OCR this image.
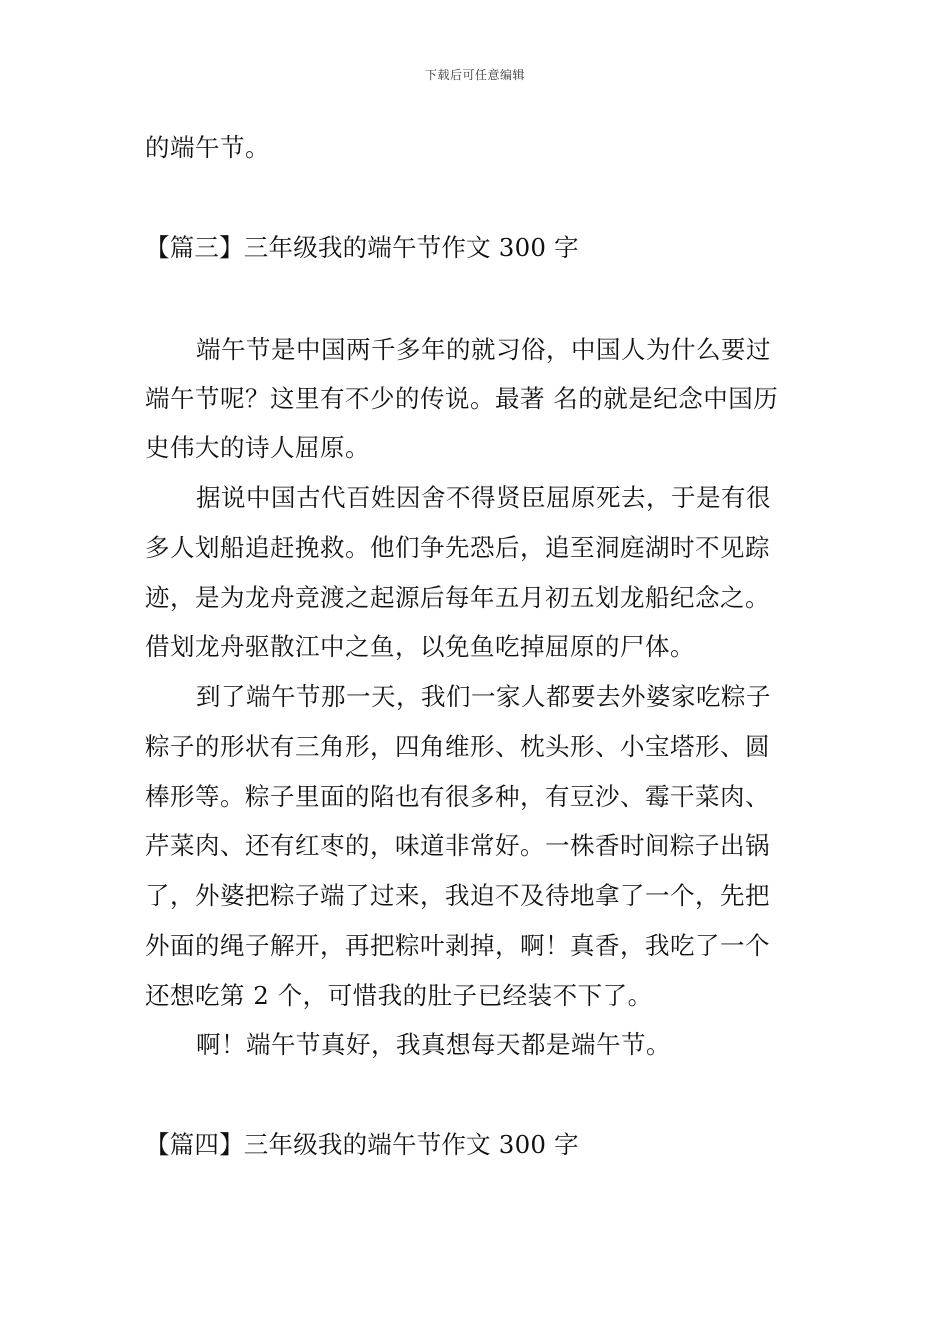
下载后可任意编辑
的端午节。
【篇三】三年级我的端午节作文 300 字
端午节是中国两千多年的就习俗，中国人为什么要过
端午节呢？这里有不少的传说。最著 名的就是纪念中国历
史伟大的诗人屈原。
据说中国古代百姓因舍不得贤臣屈原死去，于是有很
多人划船追赶挽救。他们争先恐后，追至洞庭湖时不见踪
迹，是为龙舟竞渡之起源后每年五月初五划龙船纪念之。
借划龙舟驱散江中之鱼，以免鱼吃掉屈原的尸体。
到了端午节那一天，我们一家人都要去外婆家吃粽子
粽子的形状有三角形，四角维形、枕头形、小宝塔形、圆
棒形等。粽子里面的陷也有很多种，有豆沙、霉干菜肉、
芹菜肉、还有红枣的，味道非常好。一株香时间粽子出锅
了，外婆把粽子端了过来，我迫不及待地拿了一个，先把
外面的绳子解开，再把粽叶剥掉，啊！真香，我吃了一个
还想吃第 2 个，可惜我的肚子已经装不下了。
啊！端午节真好，我真想每天都是端午节。
【篇四】三年级我的端午节作文 300 字
